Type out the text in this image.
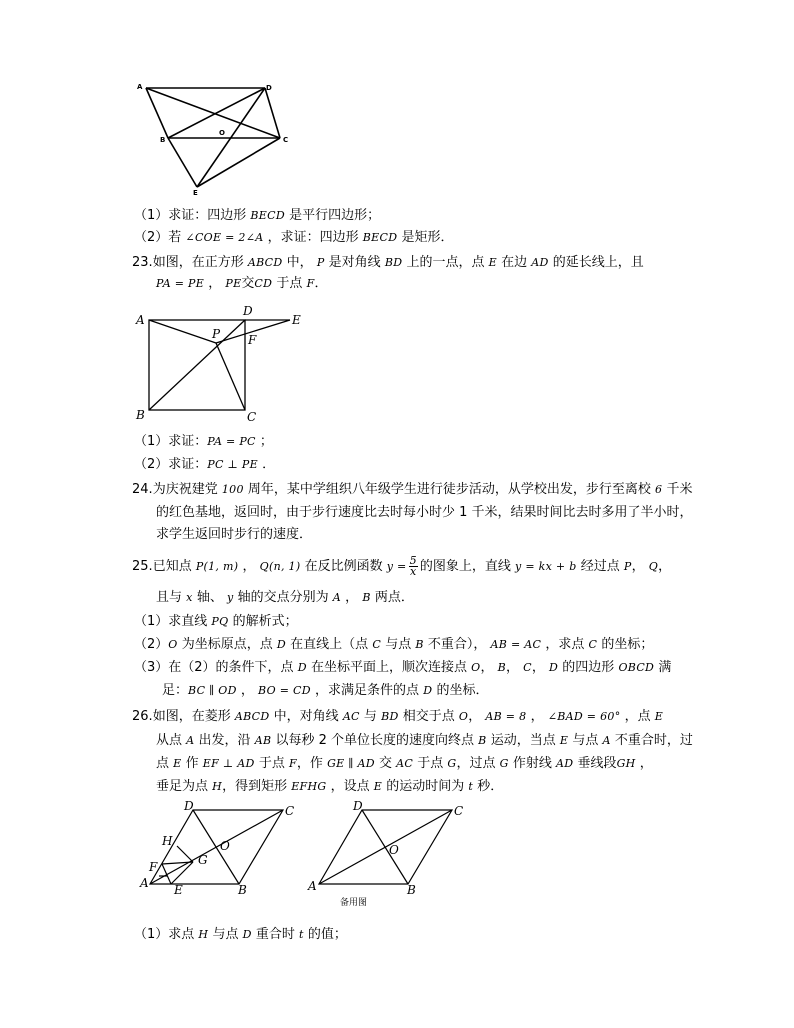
A	D
O
B	C
E
（1）求证：四边形 BECD 是平行四边形；
（2）若 ∠COE = 2∠A ，求证：四边形 BECD 是矩形．
23.如图，在正方形 ABCD 中， P 是对角线 BD 上的一点，点 E 在边 AD 的延长线上，且
PA = PE ， PE交CD 于点 F．
A
D
E
P F
B	C
（1）求证：PA = PC ；
（2）求证：PC ⊥ PE ．
24.为庆祝建党 100 周年，某中学组织八年级学生进行徒步活动，从学校出发，步行至离校 6 千米
的红色基地，返回时，由于步行速度比去时每小时少 1 千米，结果时间比去时多用了半小时，
求学生返回时步行的速度．
25.已知点 P(1, m) ， Q(n, 1) 在反比例函数 $y = \frac{5}{x}$ 的图象上，直线 y = kx + b 经过点 P， Q，
且与 x 轴、 y 轴的交点分别为 A ， B 两点．
（1）求直线 PQ 的解析式；
（2）O 为坐标原点，点 D 在直线上（点 C 与点 B 不重合）， AB = AC ，求点 C 的坐标；
（3）在（2）的条件下，点 D 在坐标平面上，顺次连接点 O， B， C， D 的四边形 OBCD 满
足：BC ∥ OD ， BO = CD ，求满足条件的点 D 的坐标．
26.如图，在菱形 ABCD 中，对角线 AC 与 BD 相交于点 O， AB = 8 ， ∠BAD = 60° ，点 E
从点 A 出发，沿 AB 以每秒 2 个单位长度的速度向终点 B 运动，当点 E 与点 A 不重合时，过
点 E 作 EF ⊥ AD 于点 F，作 GE ∥ AD 交 AC 于点 G，过点 G 作射线 AD 垂线段GH ，
垂足为点 H，得到矩形 EFHG ，设点 E 的运动时间为 t 秒．
D	C
H	O
G
F
A E	B
D	C
O
A	B
备用图
（1）求点 H 与点 D 重合时 t 的值；
